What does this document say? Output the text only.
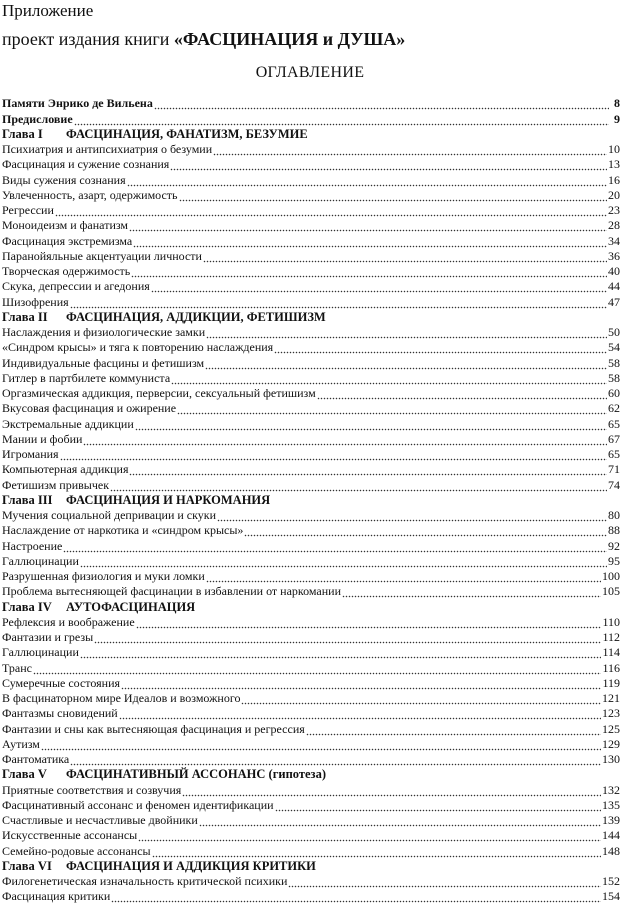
Приложение
проект издания книги «ФАСЦИНАЦИЯ и ДУША»
ОГЛАВЛЕНИЕ
Памяти Энрико де Вильена	8
Предисловие	9
Глава I	ФАСЦИНАЦИЯ, ФАНАТИЗМ, БЕЗУМИЕ
Психиатрия и антипсихиатрия о безумии	10
Фасцинация и сужение сознания	13
Виды сужения сознания	16
Увлеченность, азарт, одержимость	20
Регрессии	23
Моноидеизм и фанатизм	28
Фасцинация экстремизма	34
Паранойяльные акцентуации личности	36
Творческая одержимость	40
Скука, депрессии и агедония	44
Шизофрения	47
Глава II	ФАСЦИНАЦИЯ, АДДИКЦИИ, ФЕТИШИЗМ
Наслаждения и физиологические замки	50
«Синдром крысы» и тяга к повторению наслаждения	54
Индивидуальные фасцины и фетишизм	58
Гитлер в партбилете коммуниста	58
Оргазмическая аддикция, перверсии, сексуальный фетишизм	60
Вкусовая фасцинация и ожирение	62
Экстремальные аддикции	65
Мании и фобии	67
Игромания	65
Компьютерная аддикция	71
Фетишизм привычек	74
Глава III	ФАСЦИНАЦИЯ И НАРКОМАНИЯ
Мучения социальной депривации и скуки	80
Наслаждение от наркотика и «синдром крысы»	88
Настроение	92
Галлюцинации	95
Разрушенная физиология и муки ломки	100
Проблема вытесняющей фасцинации в избавлении от наркомании	105
Глава IV	АУТОФАСЦИНАЦИЯ
Рефлексия и воображение	110
Фантазии и грезы	112
Галлюцинации	114
Транс	116
Сумеречные состояния	119
В фасцинаторном мире Идеалов и возможного	121
Фантазмы сновидений	123
Фантазии и сны как вытесняющая фасцинация и регрессия	125
Аутизм	129
Фантоматика	130
Глава V	ФАСЦИНАТИВНЫЙ АССОНАНС (гипотеза)
Приятные соответствия и созвучия	132
Фасцинативный ассонанс и феномен идентификации	135
Счастливые и несчастливые двойники	139
Искусственные ассонансы	144
Семейно-родовые ассонансы	148
Глава VI	ФАСЦИНАЦИЯ И АДДИКЦИЯ КРИТИКИ
Филогенетическая изначальность критической психики	152
Фасцинация критики	154
